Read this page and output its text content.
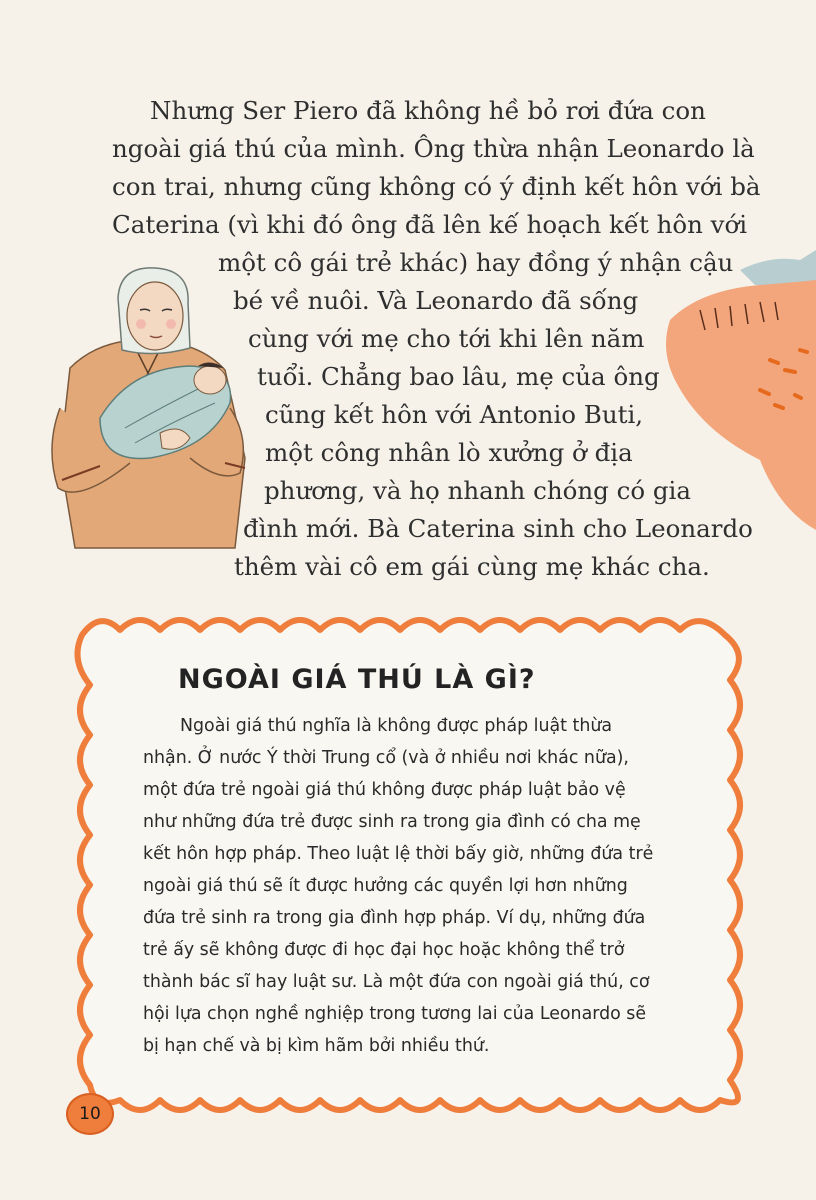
Nhưng Ser Piero đã không hề bỏ rơi đứa con
ngoài giá thú của mình. Ông thừa nhận Leonardo là
con trai, nhưng cũng không có ý định kết hôn với bà
Caterina (vì khi đó ông đã lên kế hoạch kết hôn với
một cô gái trẻ khác) hay đồng ý nhận cậu
bé về nuôi. Và Leonardo đã sống
cùng với mẹ cho tới khi lên năm
tuổi. Chẳng bao lâu, mẹ của ông
cũng kết hôn với Antonio Buti,
một công nhân lò xưởng ở địa
phương, và họ nhanh chóng có gia
đình mới. Bà Caterina sinh cho Leonardo
thêm vài cô em gái cùng mẹ khác cha.
NGOÀI GIÁ THÚ LÀ GÌ?
Ngoài giá thú nghĩa là không được pháp luật thừa
nhận. Ở nước Ý thời Trung cổ (và ở nhiều nơi khác nữa),
một đứa trẻ ngoài giá thú không được pháp luật bảo vệ
như những đứa trẻ được sinh ra trong gia đình có cha mẹ
kết hôn hợp pháp. Theo luật lệ thời bấy giờ, những đứa trẻ
ngoài giá thú sẽ ít được hưởng các quyền lợi hơn những
đứa trẻ sinh ra trong gia đình hợp pháp. Ví dụ, những đứa
trẻ ấy sẽ không được đi học đại học hoặc không thể trở
thành bác sĩ hay luật sư. Là một đứa con ngoài giá thú, cơ
hội lựa chọn nghề nghiệp trong tương lai của Leonardo sẽ
bị hạn chế và bị kìm hãm bởi nhiều thứ.
10
